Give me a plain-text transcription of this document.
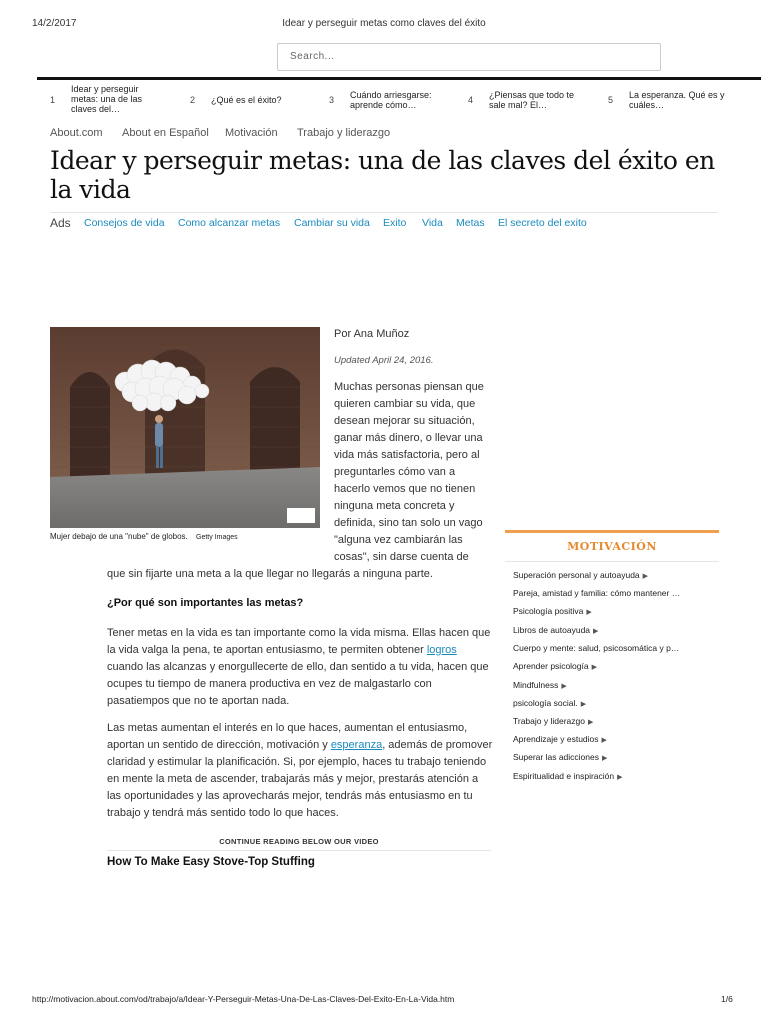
14/2/2017	Idear y perseguir metas como claves del éxito
Search...
1
Idear y perseguir metas: una de las claves del…
2 ¿Qué es el éxito?	3 Cuándo arriesgarse: aprende cómo…	4 ¿Piensas que todo te sale mal? El…	5 La esperanza. Qué es y cuáles…
About.com About en Español Motivación Trabajo y liderazgo
Idear y perseguir metas: una de las claves del éxito en la vida
Ads Consejos de vida Como alcanzar metas Cambiar su vida Exito Vida Metas El secreto del exito
Mujer debajo de una "nube" de globos. Getty Images
Por Ana Muñoz
Updated April 24, 2016.

Muchas personas piensan que quieren cambiar su vida, que desean mejorar su situación, ganar más dinero, o llevar una vida más satisfactoria, pero al preguntarles cómo van a hacerlo vemos que no tienen ninguna meta concreta y definida, sino tan solo un vago "alguna vez cambiarán las cosas", sin darse cuenta de

que sin fijarte una meta a la que llegar no llegarás a ninguna parte.

¿Por qué son importantes las metas?

Tener metas en la vida es tan importante como la vida misma. Ellas hacen que la vida valga la pena, te aportan entusiasmo, te permiten obtener logros cuando las alcanzas y enorgullecerte de ello, dan sentido a tu vida, hacen que ocupes tu tiempo de manera productiva en vez de malgastarlo con pasatiempos que no te aportan nada.

Las metas aumentan el interés en lo que haces, aumentan el entusiasmo, aportan un sentido de dirección, motivación y esperanza, además de promover claridad y estimular la planificación. Si, por ejemplo, haces tu trabajo teniendo en mente la meta de ascender, trabajarás más y mejor, prestarás atención a las oportunidades y las aprovecharás mejor, tendrás más entusiasmo en tu trabajo y tendrá más sentido todo lo que haces.

CONTINUE READING BELOW OUR VIDEO
How To Make Easy Stove-Top Stuffing
MOTIVACIÓN
Superación personal y autoayuda ▶
Pareja, amistad y familia: cómo mantener …
Psicología positiva ▶
Libros de autoayuda ▶
Cuerpo y mente: salud, psicosomática y p…
Aprender psicología ▶
Mindfulness ▶
psicología social. ▶
Trabajo y liderazgo ▶
Aprendizaje y estudios ▶
Superar las adicciones ▶
Espiritualidad e inspiración ▶
http://motivacion.about.com/od/trabajo/a/Idear-Y-Perseguir-Metas-Una-De-Las-Claves-Del-Exito-En-La-Vida.htm	1/6
